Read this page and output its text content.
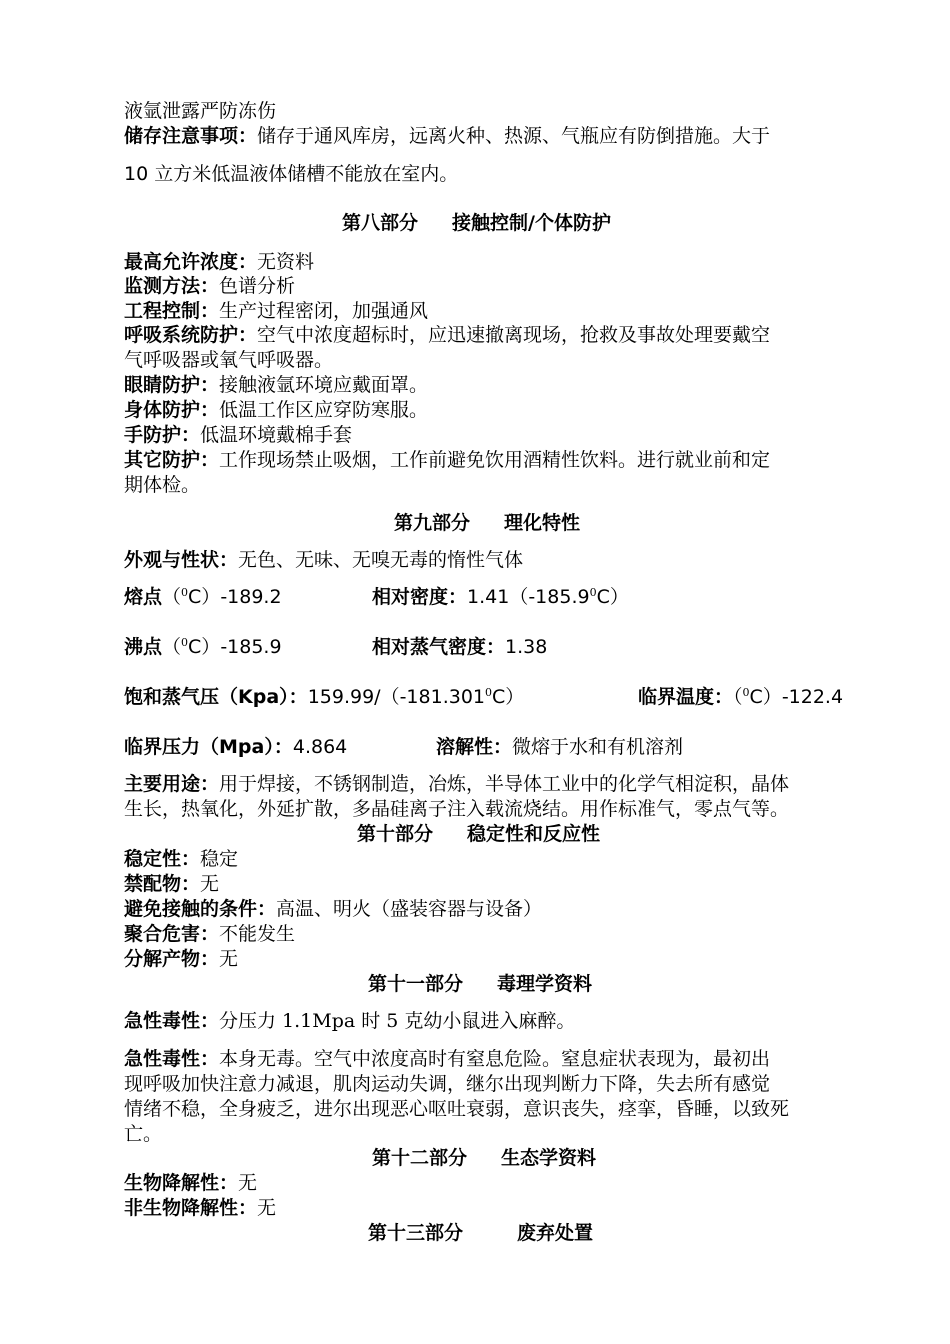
液氩泄露严防冻伤
储存注意事项：储存于通风库房，远离火种、热源、气瓶应有防倒措施。大于
10 立方米低温液体储槽不能放在室内。
第八部分 接触控制/个体防护
最高允许浓度：无资料
监测方法：色谱分析
工程控制：生产过程密闭，加强通风
呼吸系统防护：空气中浓度超标时，应迅速撤离现场，抢救及事故处理要戴空
气呼吸器或氧气呼吸器。
眼睛防护：接触液氩环境应戴面罩。
身体防护：低温工作区应穿防寒服。
手防护：低温环境戴棉手套
其它防护：工作现场禁止吸烟，工作前避免饮用酒精性饮料。进行就业前和定
期体检。
第九部分 理化特性
外观与性状：无色、无味、无嗅无毒的惰性气体
熔点（$^0$C）-189.2	相对密度：1.41（-185.9$^0$C）
沸点（$^0$C）-185.9	相对蒸气密度：1.38
饱和蒸气压（Kpa）：159.99/（-181.301$^0$C）	临界温度：（$^0$C）-122.4
临界压力（Mpa）：4.864	溶解性：微熔于水和有机溶剂
主要用途：用于焊接，不锈钢制造，冶炼，半导体工业中的化学气相淀积，晶体
生长，热氧化，外延扩散，多晶硅离子注入载流烧结。用作标准气，零点气等。
第十部分 稳定性和反应性
稳定性：稳定
禁配物：无
避免接触的条件：高温、明火（盛装容器与设备）
聚合危害：不能发生
分解产物：无
第十一部分 毒理学资料
急性毒性：分压力 1.1Mpa 时 5 克幼小鼠进入麻醉。
急性毒性：本身无毒。空气中浓度高时有窒息危险。窒息症状表现为，最初出
现呼吸加快注意力减退，肌肉运动失调，继尔出现判断力下降，失去所有感觉
情绪不稳，全身疲乏，进尔出现恶心呕吐衰弱，意识丧失，痉挛，昏睡，以致死
亡。
第十二部分 生态学资料
生物降解性：无
非生物降解性：无
第十三部分	废弃处置
